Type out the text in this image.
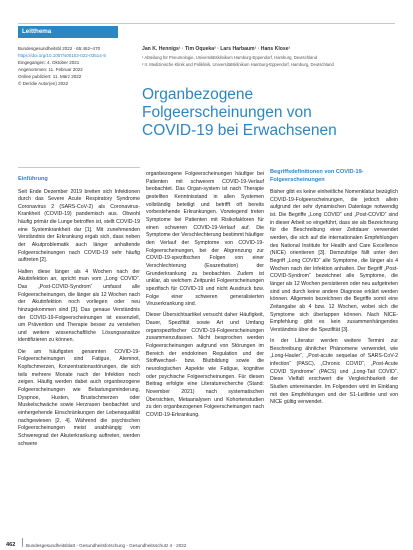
Leitthema
Bundesgesundheitsbl 2022 · 65:462–470
https://doi.org/10.1007/s00103-022-03514-5
Eingegangen: 4. Oktober 2021
Angenommen: 11. Februar 2022
Online publiziert: 11. März 2022
© Der/die Autor(en) 2022
Jan K. Hennigs¹ · Tim Oqueka² · Lars Harbaum¹ · Hans Klose¹
¹ Abteilung für Pneumologie, Universitätsklinikum Hamburg-Eppendorf, Hamburg, Deutschland
² II. Medizinische Klinik und Poliklinik, Universitätsklinikum Hamburg-Eppendorf, Hamburg, Deutschland
Organbezogene
Folgeerscheinungen von
COVID-19 bei Erwachsenen
Einführung

Seit Ende Dezember 2019 breiten sich Infektionen durch das Severe Acute Respiratory Syndrome Coronavirus 2 (SARS-CoV-2) als Coronavirus-Krankheit (COVID-19) pandemisch aus. Obwohl häufig primär die Lunge betroffen ist, stellt COVID-19 eine Systemkrankheit dar [1]. Mit zunehmenden Verständnis der Erkrankung ergab sich, dass neben der Akutproblematik auch länger anhaltende Folgeerscheinungen nach COVID-19 sehr häufig auftreten [2].

Halten diese länger als 4 Wochen nach der Akutinfektion an, spricht man vom „Long COVID“. Das „Post-COVID-Syndrom“ umfasst alle Folgeerscheinungen, die länger als 12 Wochen nach der Akutinfektion noch vorliegen oder neu hinzugekommen sind [3]. Das genaue Verständnis der COVID-19-Folgeerscheinungen ist essenziell, um Prävention und Therapie besser zu verstehen und weitere wissenschaftliche Lösungsansätze identifizieren zu können.

Die am häufigsten genannten COVID-19-Folgeerscheinungen sind Fatigue, Atemnot, Kopfschmerzen, Konzentrationsstörungen, die sich teils mehrere Monate nach der Infektion noch zeigen. Häufig werden dabei auch organbezogene Folgeerscheinungen wie Belastungsminderung, Dyspnoe, Husten, Brustschmerzen oder Muskelschwäche sowie Herzrasen beobachtet und einhergehende Einschränkungen der Lebensqualität nachgewiesen [2, 4]. Während die psychischen Folgeerscheinungen meist unabhängig vom Schweregrad der Akuterkrankung auftreten, werden schwere

organbezogene Folgeerscheinungen häufiger bei Patienten mit schwerem COVID-19-Verlauf beobachtet. Das Organ-system ist nach Therapie gestellten Kenntnisstand in allen Systemen vollständig beteiligt und betrifft oft bereits vorbestehende Erkrankungen. Vorwiegend treten Symptome bei Patienten mit Risikofaktoren für einen schweren COVID-19-Verlauf auf. Die Symptome der Verschlechterung bestimmt häufiger den Verlauf der Symptome von COVID-19-Folgeerscheinungen, bei der Abgrenzung zur COVID-19-spezifischen Folgen von einer Verschlechterung (Exazerbation) der Grunderkrankung zu beobachten. Zudem ist unklar, ab welchem Zeitpunkt Folgeerscheinungen spezifisch für COVID-19 und nicht Ausdruck bzw. Folge einer schweren generalisierten Viruserkrankung sind.

Dieser Übersichtsartikel versucht daher Häufigkeit, Dauer, Spezifität sowie Art und Umfang organspezifischer COVID-19-Folgeerscheinungen zusammenzufassen. Nicht besprochen werden Folgeerscheinungen aufgrund von Störungen im Bereich der endokrinen Regulation und der Stoffwechsel- bzw. Blutbildung sowie die neurologischen Aspekte wie Fatigue, kognitive oder psychische Folgeerscheinungen. Für diesen Beitrag erfolgte eine Literaturrecherche (Stand: November 2021) nach systematischen Übersichten, Metaanalysen und Kohortenstudien zu den organbezogenen Folgeerscheinungen nach COVID-19-Erkrankung.

Begriffsdefinitionen von COVID-19-Folgeerscheinungen

Bisher gibt es keine einheitliche Nomenklatur bezüglich COVID-19-Folgeerscheinungen, die jedoch allein aufgrund der sehr dynamischen Datenlage notwendig ist. Die Begriffe „Long COVID“ und „Post-COVID“ sind in dieser Arbeit so eingeführt, dass sie als Bezeichnung für die Beschreibung einer Zeitdauer verwendet werden, die sich auf die internationalen Empfehlungen des National Institute for Health and Care Excellence (NICE) orientieren [3]. Demzufolge fällt unter den Begriff „Long COVID“ alle Symptome, die länger als 4 Wochen nach der Infektion anhalten. Der Begriff „Post-COVID-Syndrom“ bezeichnet alle Symptome, die länger als 12 Wochen persistieren oder neu aufgetreten sind und durch keine andere Diagnose erklärt werden können. Allgemein bezeichnen die Begriffe somit eine Zeitangabe ab 4 bzw. 12 Wochen, wobei sich die Symptome sich überlappen können. Nach NICE-Empfehlung gibt es kein zusammenhängendes Verständnis über die Spezifität [3].

In der Literatur werden weitere Termini zur Beschreibung ähnlicher Phänomene verwendet, wie „Long-Hauler“, „Post-acute sequelae of SARS-CoV-2 infection“ (PASC), „Chronic COVID“, „Post-Acute COVID Syndrome“ (PACS) und „Long-Tail COVID“. Diese Vielfalt erschwert die Vergleichbarkeit der Studien untereinander. Im Folgenden wird im Einklang mit den Empfehlungen und der S1-Leitlinie und von NICE gültig verwendet.

462 Bundesgesundheitsblatt - Gesundheitsforschung - Gesundheitsschutz 4 · 2022
